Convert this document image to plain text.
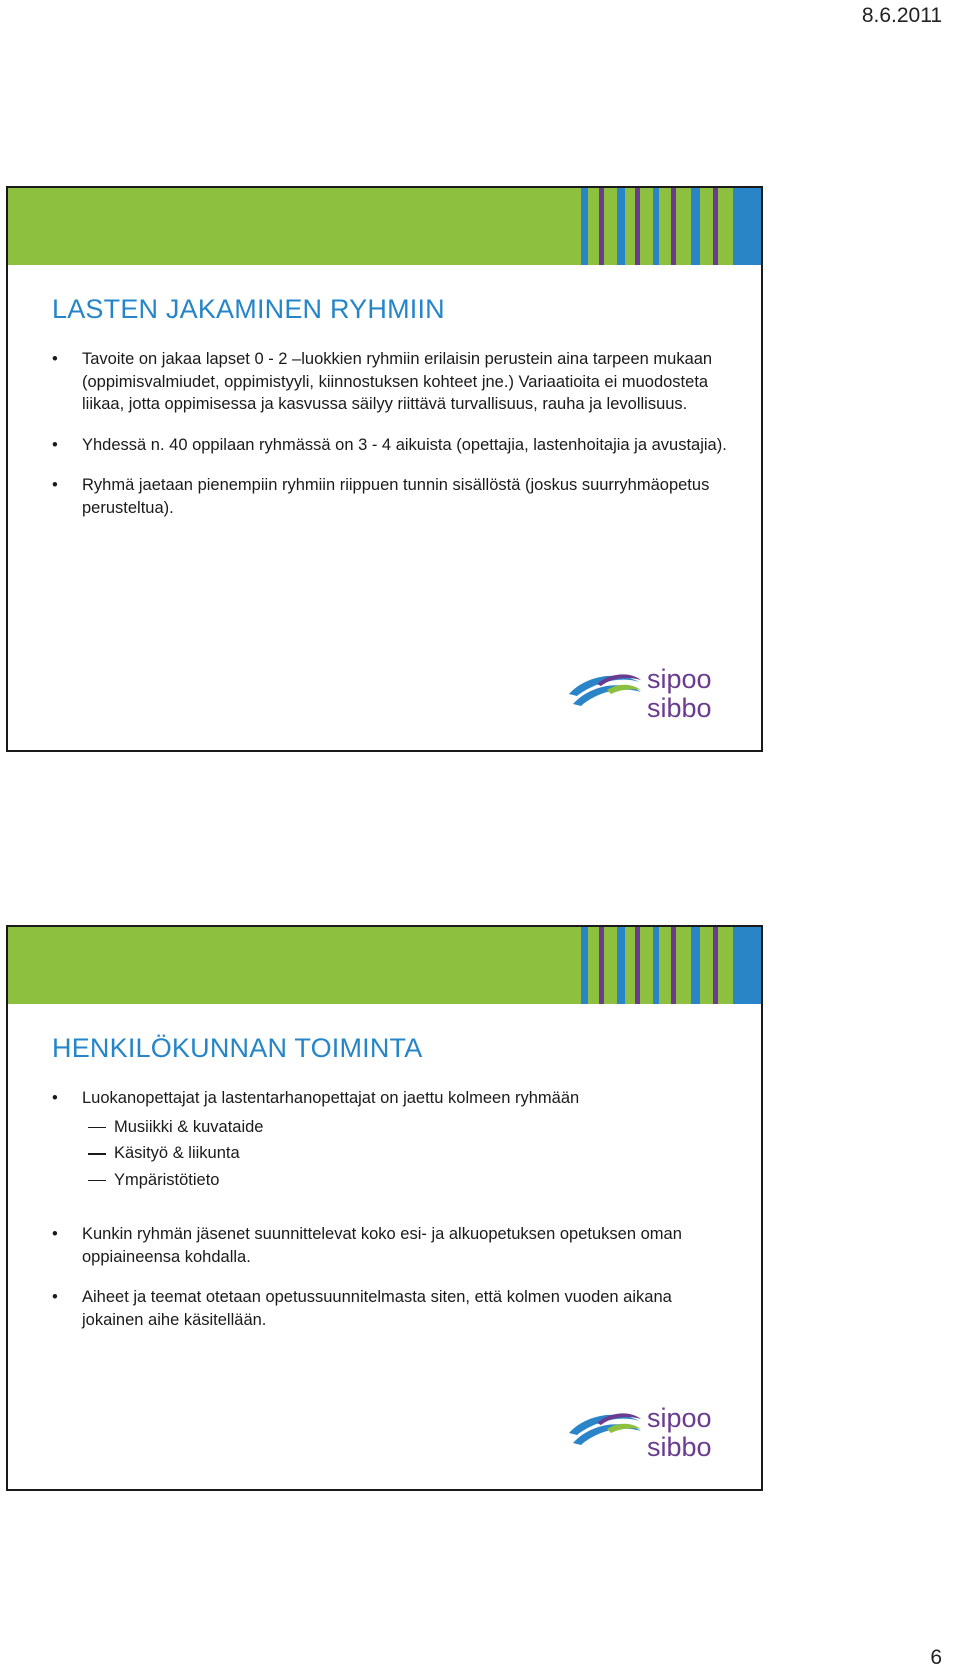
8.6.2011
LASTEN JAKAMINEN RYHMIIN
• Tavoite on jakaa lapset 0 - 2 –luokkien ryhmiin erilaisin perustein aina tarpeen mukaan (oppimisvalmiudet, oppimistyyli, kiinnostuksen kohteet jne.) Variaatioita ei muodosteta liikaa, jotta oppimisessa ja kasvussa säilyy riittävä turvallisuus, rauha ja levollisuus.
• Yhdessä n. 40 oppilaan ryhmässä on 3 - 4 aikuista (opettajia, lastenhoitajia ja avustajia).
• Ryhmä jaetaan pienempiin ryhmiin riippuen tunnin sisällöstä (joskus suurryhmäopetus perusteltua).
sipoo
sibbo
HENKILÖKUNNAN TOIMINTA
• Luokanopettajat ja lastentarhanopettajat on jaettu kolmeen ryhmään
Musiikki & kuvataide
Käsityö & liikunta
Ympäristötieto
• Kunkin ryhmän jäsenet suunnittelevat koko esi- ja alkuopetuksen opetuksen oman oppiaineensa kohdalla.
• Aiheet ja teemat otetaan opetussuunnitelmasta siten, että kolmen vuoden aikana jokainen aihe käsitellään.
sipoo
sibbo
6
